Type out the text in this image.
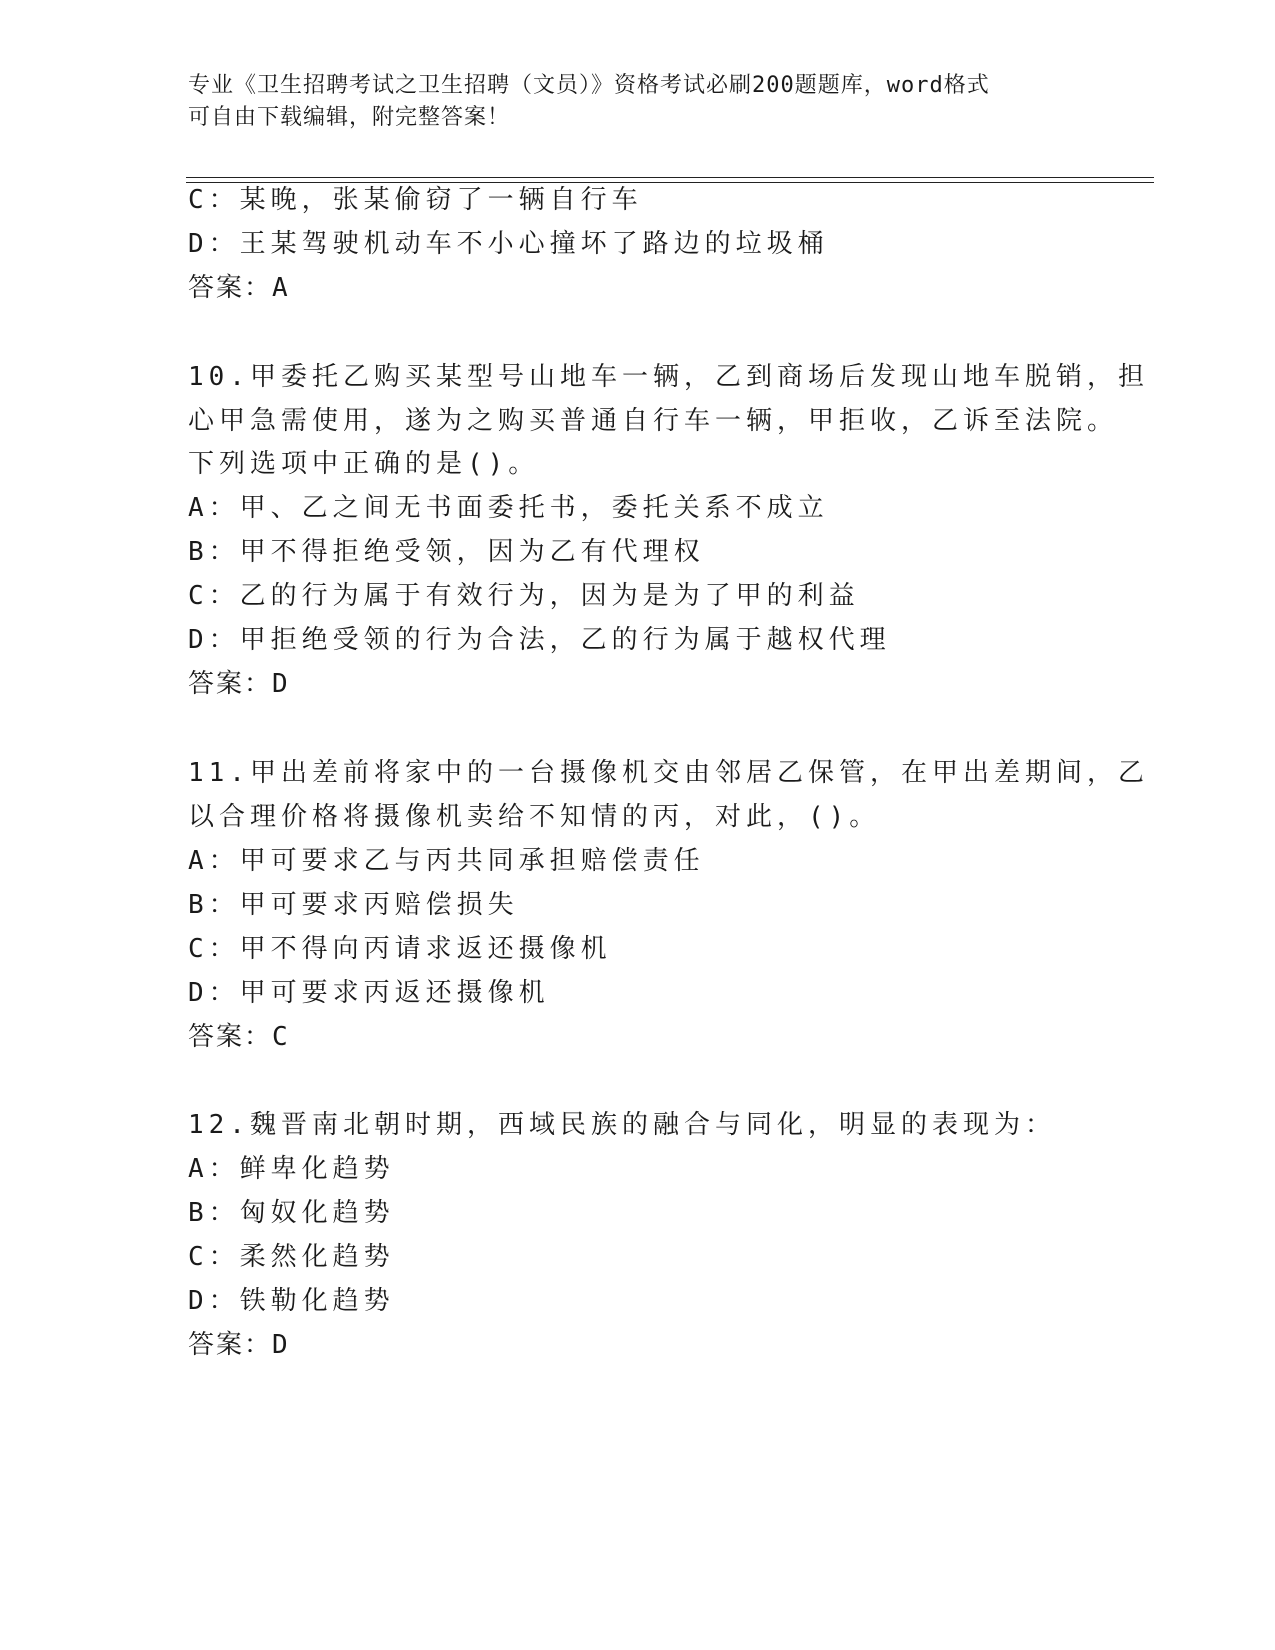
专业《卫生招聘考试之卫生招聘（文员）》资格考试必刷200题题库，word格式
可自由下载编辑，附完整答案！
C：某晚，张某偷窃了一辆自行车
D：王某驾驶机动车不小心撞坏了路边的垃圾桶
答案：A
10.甲委托乙购买某型号山地车一辆，乙到商场后发现山地车脱销，担
心甲急需使用，遂为之购买普通自行车一辆，甲拒收，乙诉至法院。
下列选项中正确的是()。
A：甲、乙之间无书面委托书，委托关系不成立
B：甲不得拒绝受领，因为乙有代理权
C：乙的行为属于有效行为，因为是为了甲的利益
D：甲拒绝受领的行为合法，乙的行为属于越权代理
答案：D
11.甲出差前将家中的一台摄像机交由邻居乙保管，在甲出差期间，乙
以合理价格将摄像机卖给不知情的丙，对此，()。
A：甲可要求乙与丙共同承担赔偿责任
B：甲可要求丙赔偿损失
C：甲不得向丙请求返还摄像机
D：甲可要求丙返还摄像机
答案：C
12.魏晋南北朝时期，西域民族的融合与同化，明显的表现为：
A：鲜卑化趋势
B：匈奴化趋势
C：柔然化趋势
D：铁勒化趋势
答案：D
